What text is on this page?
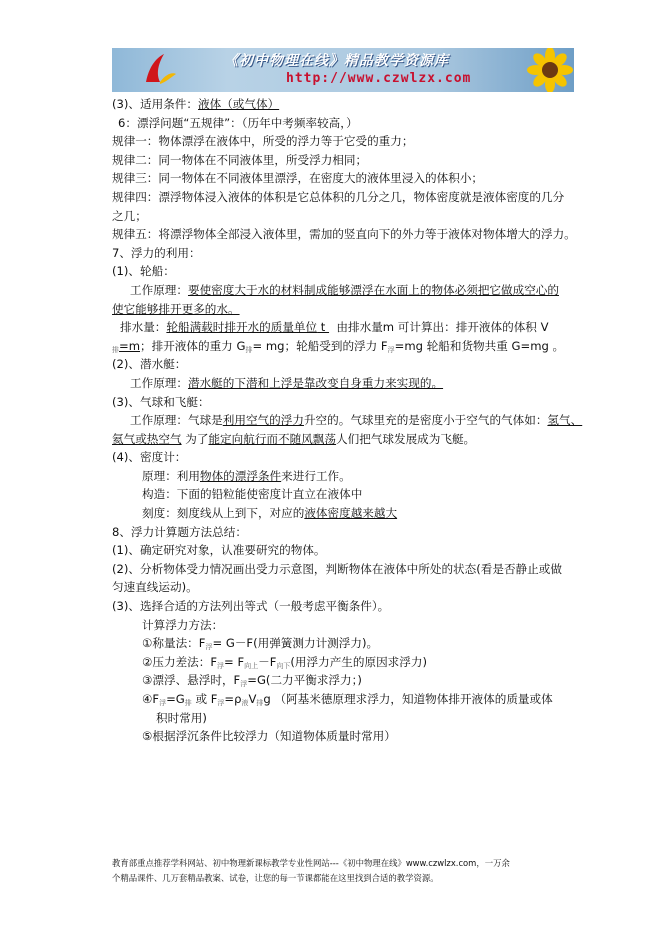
《初中物理在线》精品教学资源库
http://www.czwlzx.com
(3)、适用条件：液体（或气体）
6：漂浮问题“五规律”：（历年中考频率较高，）
规律一：物体漂浮在液体中，所受的浮力等于它受的重力；
规律二：同一物体在不同液体里，所受浮力相同；
规律三：同一物体在不同液体里漂浮，在密度大的液体里浸入的体积小；
规律四：漂浮物体浸入液体的体积是它总体积的几分之几，物体密度就是液体密度的几分
之几；
规律五：将漂浮物体全部浸入液体里，需加的竖直向下的外力等于液体对物体增大的浮力。
7、浮力的利用：
(1)、轮船：
工作原理：要使密度大于水的材料制成能够漂浮在水面上的物体必须把它做成空心的
使它能够排开更多的水。
排水量：轮船满载时排开水的质量单位 t   由排水量m 可计算出：排开液体的体积 V
$_排$=m；排开液体的重力 $G_排=$ mg；轮船受到的浮力 $F_浮=mg$ 轮船和货物共重 G=mg 。
(2)、潜水艇：
工作原理：潜水艇的下潜和上浮是靠改变自身重力来实现的。
(3)、气球和飞艇：
工作原理：气球是利用空气的浮力升空的。气球里充的是密度小于空气的气体如：氢气、
氦气或热空气 为了能定向航行而不随风飘荡人们把气球发展成为飞艇。
(4)、密度计：
原理：利用物体的漂浮条件来进行工作。
构造：下面的铅粒能使密度计直立在液体中
刻度：刻度线从上到下，对应的液体密度越来越大
8、浮力计算题方法总结：
(1)、确定研究对象，认准要研究的物体。
(2)、分析物体受力情况画出受力示意图，判断物体在液体中所处的状态(看是否静止或做
匀速直线运动)。
(3)、选择合适的方法列出等式（一般考虑平衡条件）。
计算浮力方法：
①称量法：$F_浮= G-F$(用弹簧测力计测浮力)。
②压力差法：$F_浮= F_{向上}-F_{向下}$(用浮力产生的原因求浮力)
③漂浮、悬浮时，$F_浮=G$(二力平衡求浮力；)
$④F_浮=G_排$ 或 $F_浮=\rho_液V_排g$ （阿基米德原理求浮力，知道物体排开液体的质量或体
积时常用)
⑤根据浮沉条件比较浮力（知道物体质量时常用）
教育部重点推荐学科网站、初中物理新课标教学专业性网站---《初中物理在线》www.czwlzx.com，一万余
个精品课件、几万套精品教案、试卷，让您的每一节课都能在这里找到合适的教学资源。
